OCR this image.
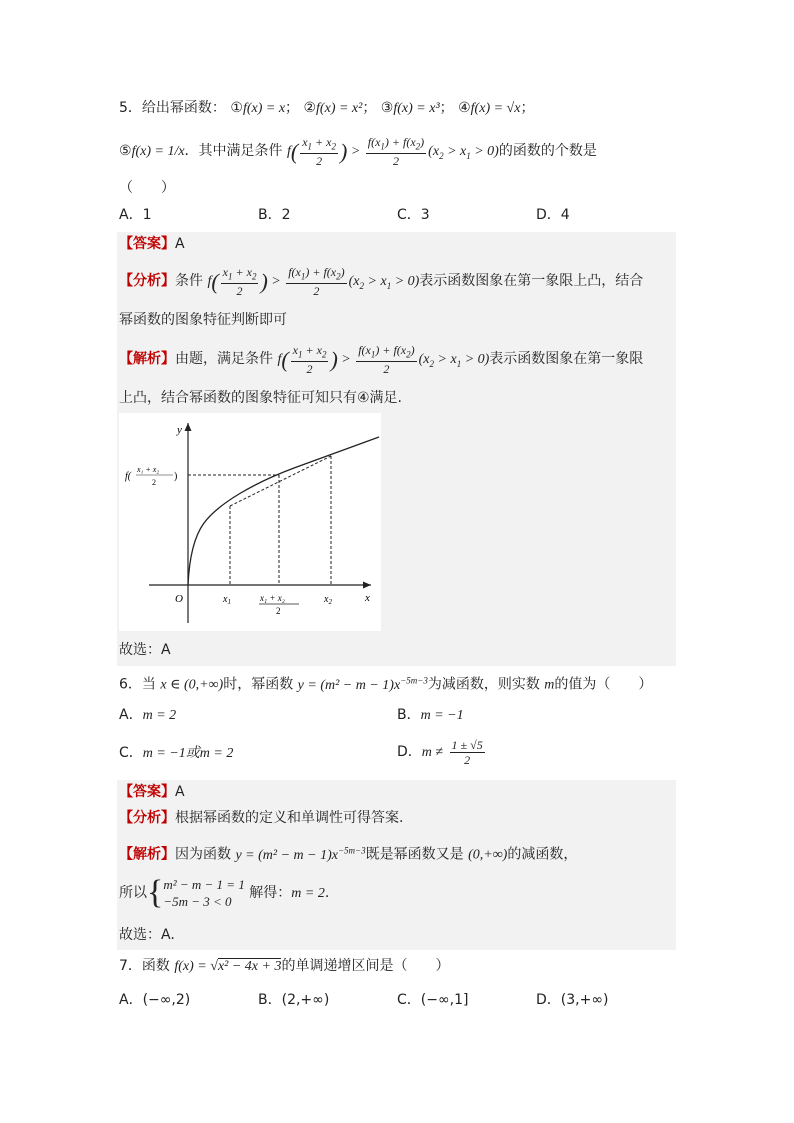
5．给出幂函数： ①f(x) = x； ②f(x) = x²； ③f(x) = x³； ④f(x) = √x；
⑤f(x) = 1/x．其中满足条件 $f( \frac{x_1 + x_2}{2}$ ) > $\frac{f(x_1) + f(x_2)}{2} (x_2 > x_1 > 0)$的函数的个数是
（　　）
A．1	B．2	C．3	D．4
【答案】A
【分析】条件 $f( \frac{x_1 + x_2}{2}$ ) > $\frac{f(x_1) + f(x_2)}{2} (x_2 > x_1 > 0)$表示函数图象在第一象限上凸，结合
幂函数的图象特征判断即可
【解析】由题，满足条件 $f( \frac{x_1 + x_2}{2}$ ) > $\frac{f(x_1) + f(x_2)}{2} (x_2 > x_1 > 0)$表示函数图象在第一象限
上凸，结合幂函数的图象特征可知只有④满足.
y
x
O	$x_1$	$x_2$
x₁ + x₂
2
f(
x₁ + x₂
2
)
故选：A
6．当 x ∈ (0,+∞)时，幂函数 $y = (m^2 - m - 1)x^{-5m-3}$为减函数，则实数 m的值为（　　）
A．m = 2	B．m = −1
C．m = −1或m = 2	D．$m \ne \frac{1 \pm √5}{2}$
【答案】A
【分析】根据幂函数的定义和单调性可得答案.
【解析】因为函数 $y = (m^2 - m - 1)x^{-5m-3}$既是幂函数又是 (0,+∞)的减函数，
所以{ m² − m − 1 = 1
−5m − 3 < 0
解得：m = 2.
故选：A.
7．函数 f(x) = √x² − 4x + 3的单调递增区间是（　　）
A．(−∞,2)	B．(2,+∞)	C．(−∞,1]	D．(3,+∞)
